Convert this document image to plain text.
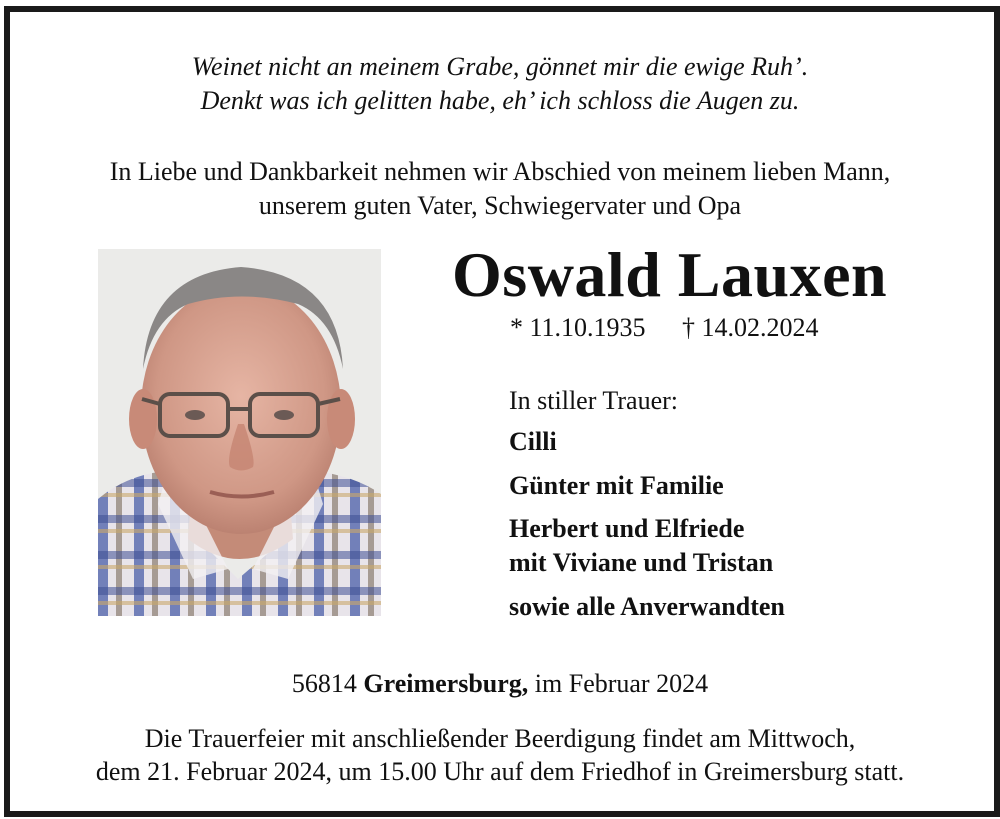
Weinet nicht an meinem Grabe, gönnet mir die ewige Ruh’.
Denkt was ich gelitten habe, eh’ ich schloss die Augen zu.
In Liebe und Dankbarkeit nehmen wir Abschied von meinem lieben Mann,
unserem guten Vater, Schwiegervater und Opa
Oswald Lauxen
* 11.10.1935 † 14.02.2024
In stiller Trauer:
Cilli
Günter mit Familie
Herbert und Elfriede
mit Viviane und Tristan
sowie alle Anverwandten
56814 Greimersburg, im Februar 2024
Die Trauerfeier mit anschließender Beerdigung findet am Mittwoch,
dem 21. Februar 2024, um 15.00 Uhr auf dem Friedhof in Greimersburg statt.
